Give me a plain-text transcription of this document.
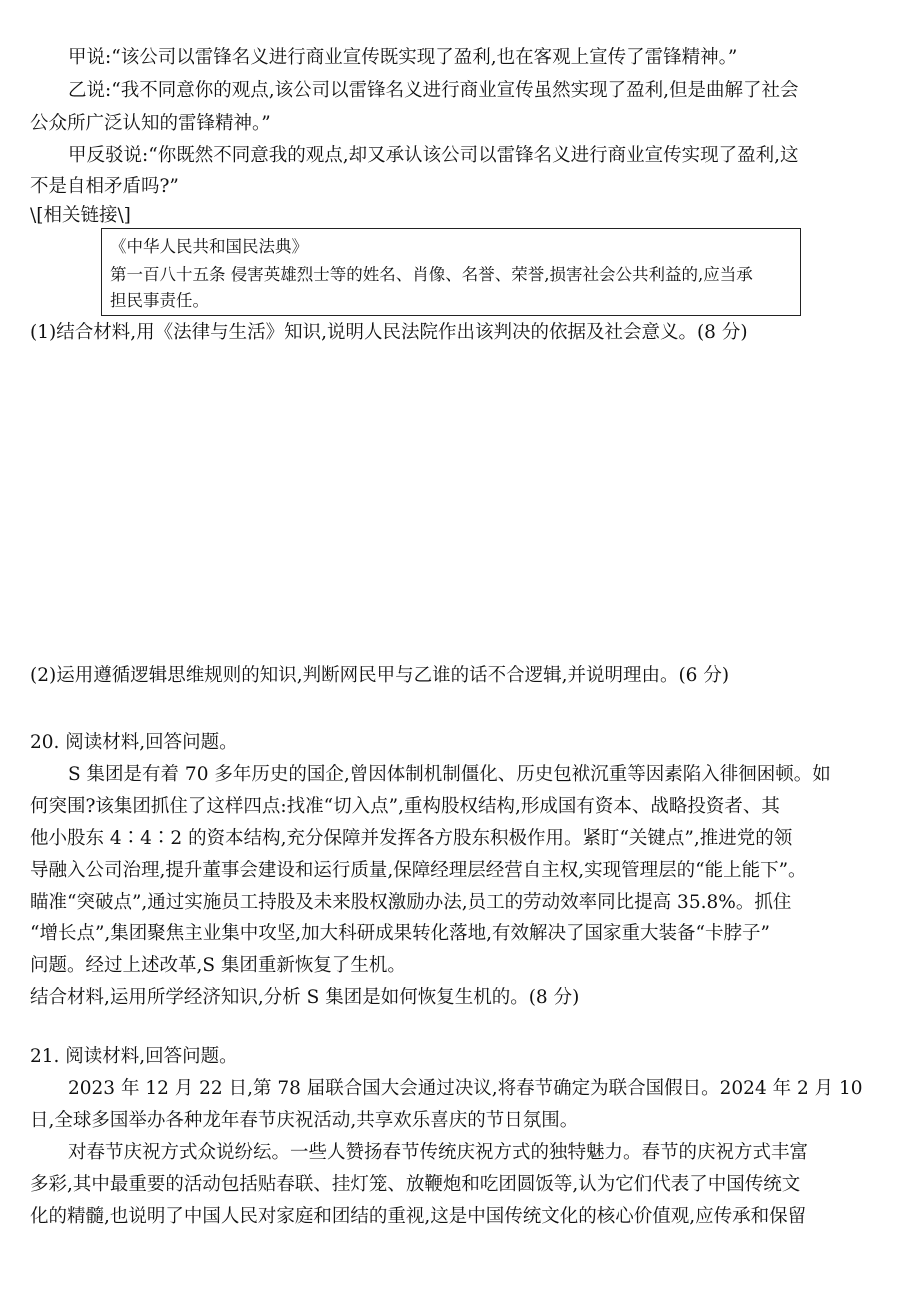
甲说:“该公司以雷锋名义进行商业宣传既实现了盈利,也在客观上宣传了雷锋精神。”
乙说:“我不同意你的观点,该公司以雷锋名义进行商业宣传虽然实现了盈利,但是曲解了社会
公众所广泛认知的雷锋精神。”
甲反驳说:“你既然不同意我的观点,却又承认该公司以雷锋名义进行商业宣传实现了盈利,这
不是自相矛盾吗?”
\[相关链接\]
《中华人民共和国民法典》
第一百八十五条 侵害英雄烈士等的姓名、肖像、名誉、荣誉,损害社会公共利益的,应当承
担民事责任。
(1)结合材料,用《法律与生活》知识,说明人民法院作出该判决的依据及社会意义。(8 分)
(2)运用遵循逻辑思维规则的知识,判断网民甲与乙谁的话不合逻辑,并说明理由。(6 分)
20. 阅读材料,回答问题。
S 集团是有着 70 多年历史的国企,曾因体制机制僵化、历史包袱沉重等因素陷入徘徊困顿。如
何突围?该集团抓住了这样四点:找准“切入点”,重构股权结构,形成国有资本、战略投资者、其
他小股东 4∶4∶2 的资本结构,充分保障并发挥各方股东积极作用。紧盯“关键点”,推进党的领
导融入公司治理,提升董事会建设和运行质量,保障经理层经营自主权,实现管理层的“能上能下”。
瞄准“突破点”,通过实施员工持股及未来股权激励办法,员工的劳动效率同比提高 35.8%。抓住
“增长点”,集团聚焦主业集中攻坚,加大科研成果转化落地,有效解决了国家重大装备“卡脖子”
问题。经过上述改革,S 集团重新恢复了生机。
结合材料,运用所学经济知识,分析 S 集团是如何恢复生机的。(8 分)
21. 阅读材料,回答问题。
2023 年 12 月 22 日,第 78 届联合国大会通过决议,将春节确定为联合国假日。2024 年 2 月 10
日,全球多国举办各种龙年春节庆祝活动,共享欢乐喜庆的节日氛围。
对春节庆祝方式众说纷纭。一些人赞扬春节传统庆祝方式的独特魅力。春节的庆祝方式丰富
多彩,其中最重要的活动包括贴春联、挂灯笼、放鞭炮和吃团圆饭等,认为它们代表了中国传统文
化的精髓,也说明了中国人民对家庭和团结的重视,这是中国传统文化的核心价值观,应传承和保留
